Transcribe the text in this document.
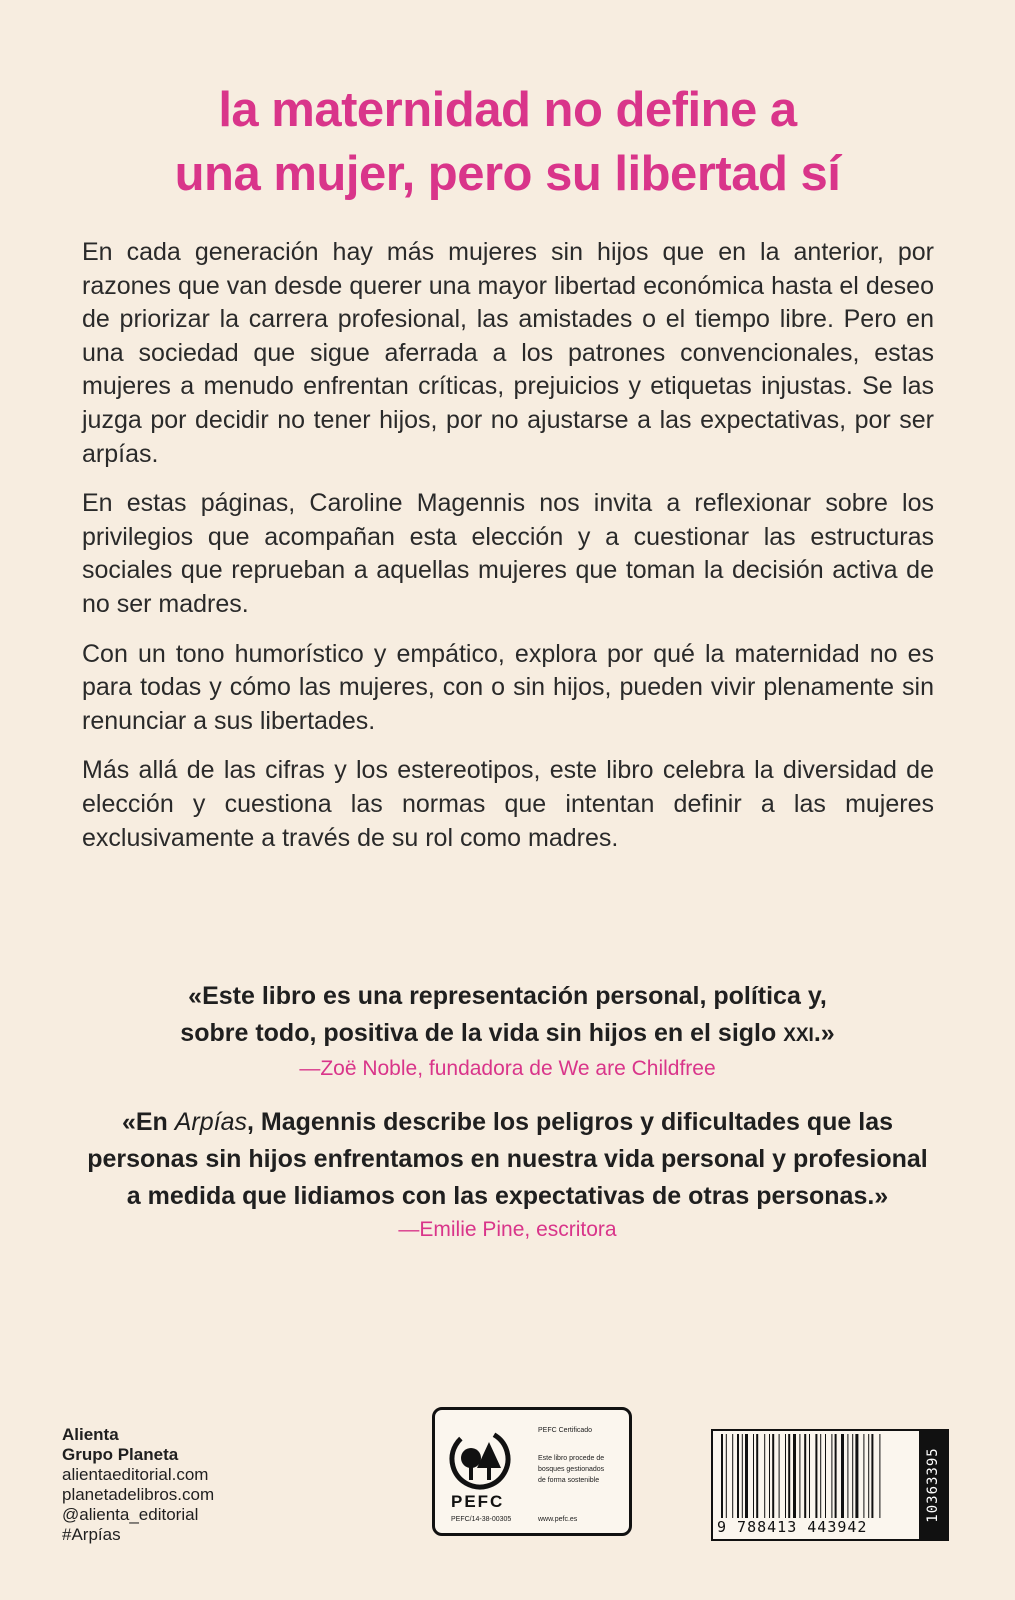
la maternidad no define a
una mujer, pero su libertad sí

En cada generación hay más mujeres sin hijos que en la anterior, por razones que van desde querer una mayor libertad económica hasta el deseo de priorizar la carrera profesional, las amistades o el tiempo libre. Pero en una sociedad que sigue aferrada a los patrones convencionales, estas mujeres a menudo enfrentan críticas, prejuicios y etiquetas injustas. Se las juzga por decidir no tener hijos, por no ajustarse a las expectativas, por ser arpías.

En estas páginas, Caroline Magennis nos invita a reflexionar sobre los privilegios que acompañan esta elección y a cuestionar las estructuras sociales que reprueban a aquellas mujeres que toman la decisión activa de no ser madres.

Con un tono humorístico y empático, explora por qué la maternidad no es para todas y cómo las mujeres, con o sin hijos, pueden vivir plenamente sin renunciar a sus libertades.

Más allá de las cifras y los estereotipos, este libro celebra la diversidad de elección y cuestiona las normas que intentan definir a las mujeres exclusivamente a través de su rol como madres.

«Este libro es una representación personal, política y,
sobre todo, positiva de la vida sin hijos en el siglo XXI.»
—Zoë Noble, fundadora de We are Childfree
«En Arpías, Magennis describe los peligros y dificultades que las
personas sin hijos enfrentamos en nuestra vida personal y profesional
a medida que lidiamos con las expectativas de otras personas.»
—Emilie Pine, escritora
Alienta
Grupo Planeta
alientaeditorial.com
planetadelibros.com
@alienta_editorial
#Arpías
PEFC
PEFC Certificado
Este libro procede de
bosques gestionados
de forma sostenible
PEFC/14-38-00305	www.pefc.es	9 788413 443942
10363395
